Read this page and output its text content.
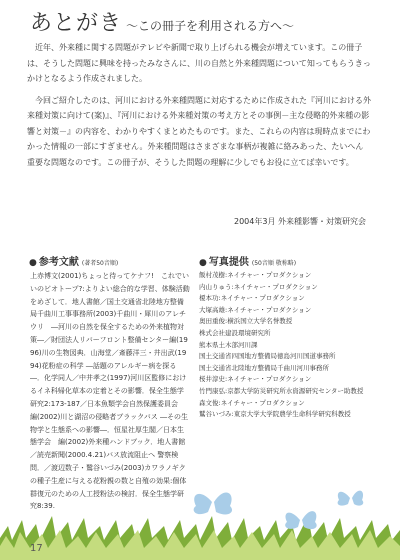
あとがき 〜この冊子を利用される方へ〜

近年、外来種に関する問題がテレビや新聞で取り上げられる機会が増えています。この冊子は、そうした問題に興味を持ったみなさんに、川の自然と外来種問題について知ってもらうきっかけとなるよう作成されました。

今回ご紹介したのは、河川における外来種問題に対応するために作成された『河川における外来種対策に向けて(案)』、『河川における外来種対策の考え方とその事例－主な侵略的外来種の影響と対策－』の内容を、わかりやすくまとめたものです。また、これらの内容は現時点までにわかった情報の一部にすぎません。外来種問題はさまざまな事柄が複雑に絡みあった、たいへん重要な問題なのです。この冊子が、そうした問題の理解に少しでもお役に立てば幸いです。

2004年3月 外来種影響・対策研究会
● 参考文献 (著者50音順)
上赤博文(2001)ちょっと待ってケナフ!　これでいいのビオトープ?:よりよい総合的な学習、体験活動をめざして．地人書館／国土交通省北陸地方整備局千曲川工事事務所(2003)千曲川・犀川のアレチウリ　―河川の自然を保全するための外来植物対策―／財団法人リバーフロント整備センター編(1996)川の生物図典．山海堂／斎藤洋三・井出武(1994)花粉症の科学 ―話題のアレルギー病を探る―．化学同人／中井孝之(1997)河川区監修におけるイネ科帰化草本の定着とその影響．保全生態学研究2:173-187／日本魚類学会自然保護委員会　編(2002)川と湖沼の侵略者ブラックバス ―その生物学と生態系への影響―．恒星社厚生閣／日本生態学会　編(2002)外来種ハンドブック．地人書館／読売新聞(2000.4.21)バス放流阻止へ 警察検問．／渡辺数子・鷲谷いづみ(2003)カワラノギクの種子生産に与える花粉親の数と自殖の効果:個体群復元のための人工授粉法の検討．保全生態学研究8:39.
● 写真提供 (50音順 敬称略)
飯村茂樹:ネイチャー・プロダクション
内山りゅう:ネイチャー・プロダクション
榎本功:ネイチャー・プロダクション
大塚高雄:ネイチャー・プロダクション
奥田重俊:横浜国立大学名誉教授
株式会社建設環境研究所
熊本県土木部河川課
国土交通省四国地方整備局徳島河川国道事務所
国土交通省北陸地方整備局千曲川河川事務所
桜井淳史:ネイチャー・プロダクション
竹門康弘:京都大学防災研究所水資源研究センター助教授
森文俊:ネイチャー・プロダクション
鷲谷いづみ:東京大学大学院農学生命科学研究科教授
17
